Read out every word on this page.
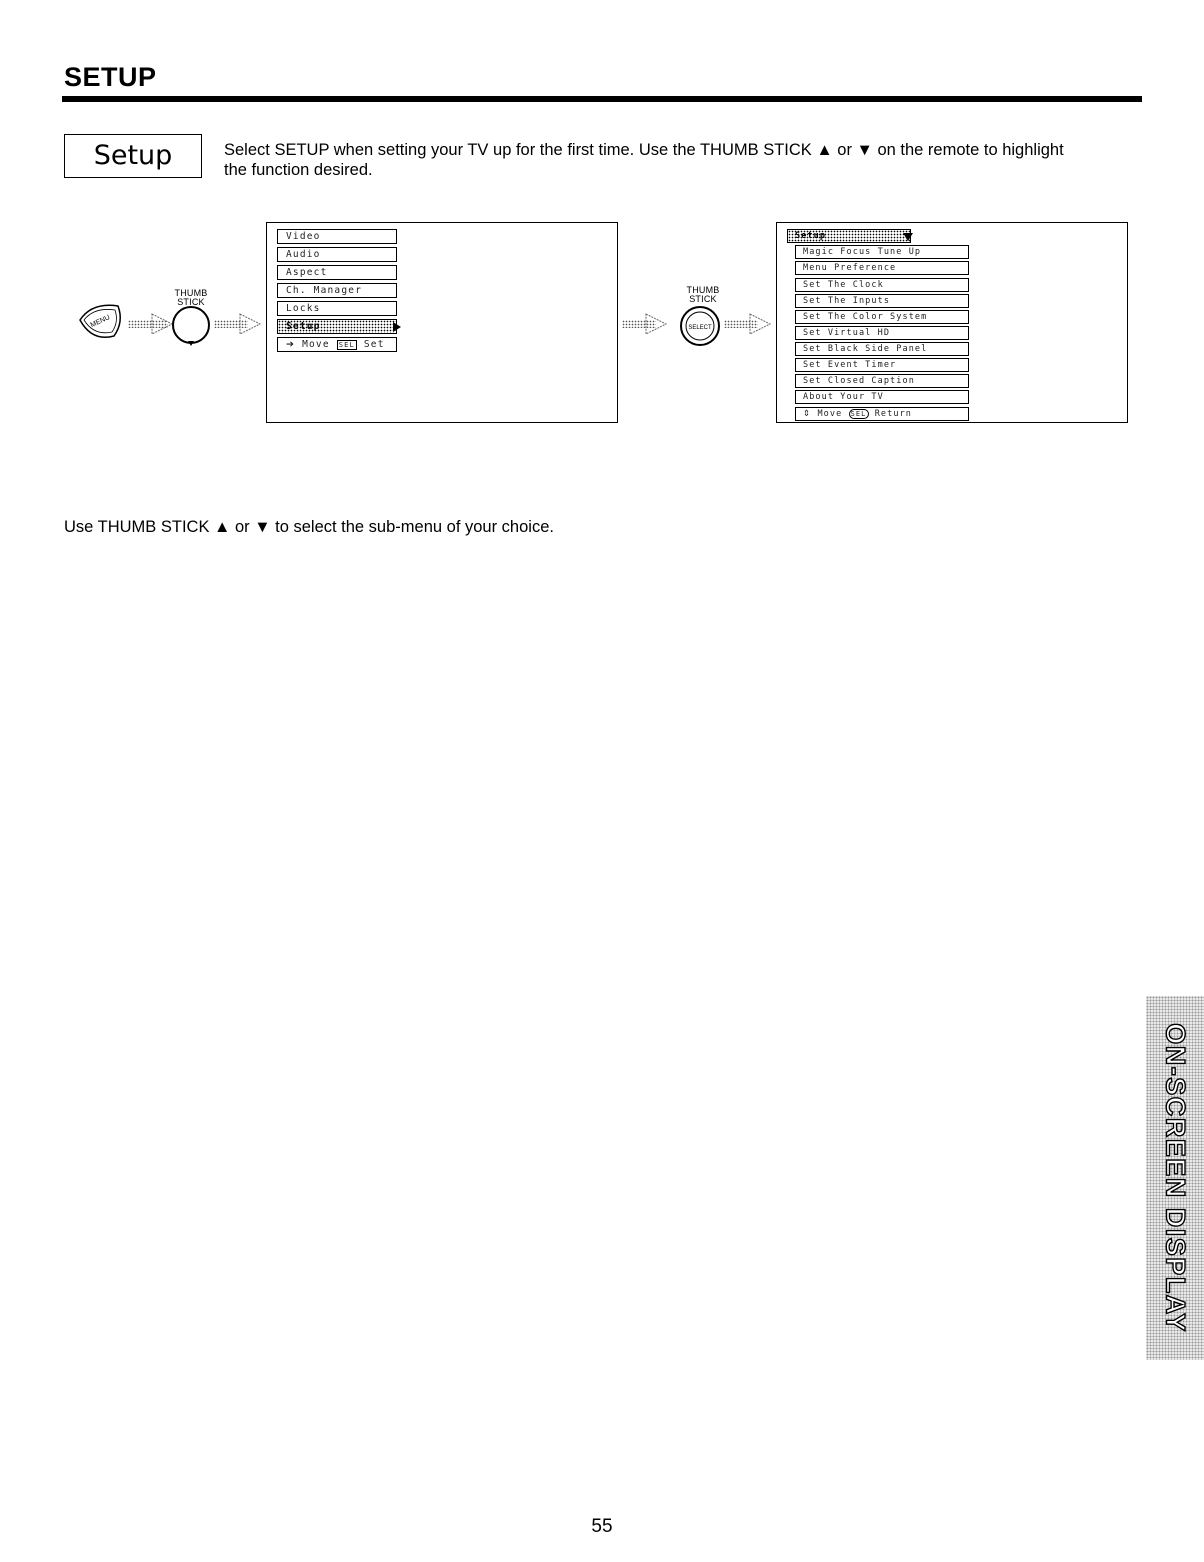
SETUP
Setup	Select SETUP when setting your TV up for the first time. Use the THUMB STICK ▲ or ▼ on the remote to highlight
the function desired.
MENU
THUMB
STICK
Video
Audio
Aspect
Ch. Manager
Locks
Setup
➔ Move SEL Set
THUMB
STICK
SELECT
Setup
Magic Focus Tune Up
Menu Preference
Set The Clock
Set The Inputs
Set The Color System
Set Virtual HD
Set Black Side Panel
Set Event Timer
Set Closed Caption
About Your TV
⇕ Move SEL Return
Use THUMB STICK ▲ or ▼ to select the sub-menu of your choice.
ON-SCREEN DISPLAY
55
